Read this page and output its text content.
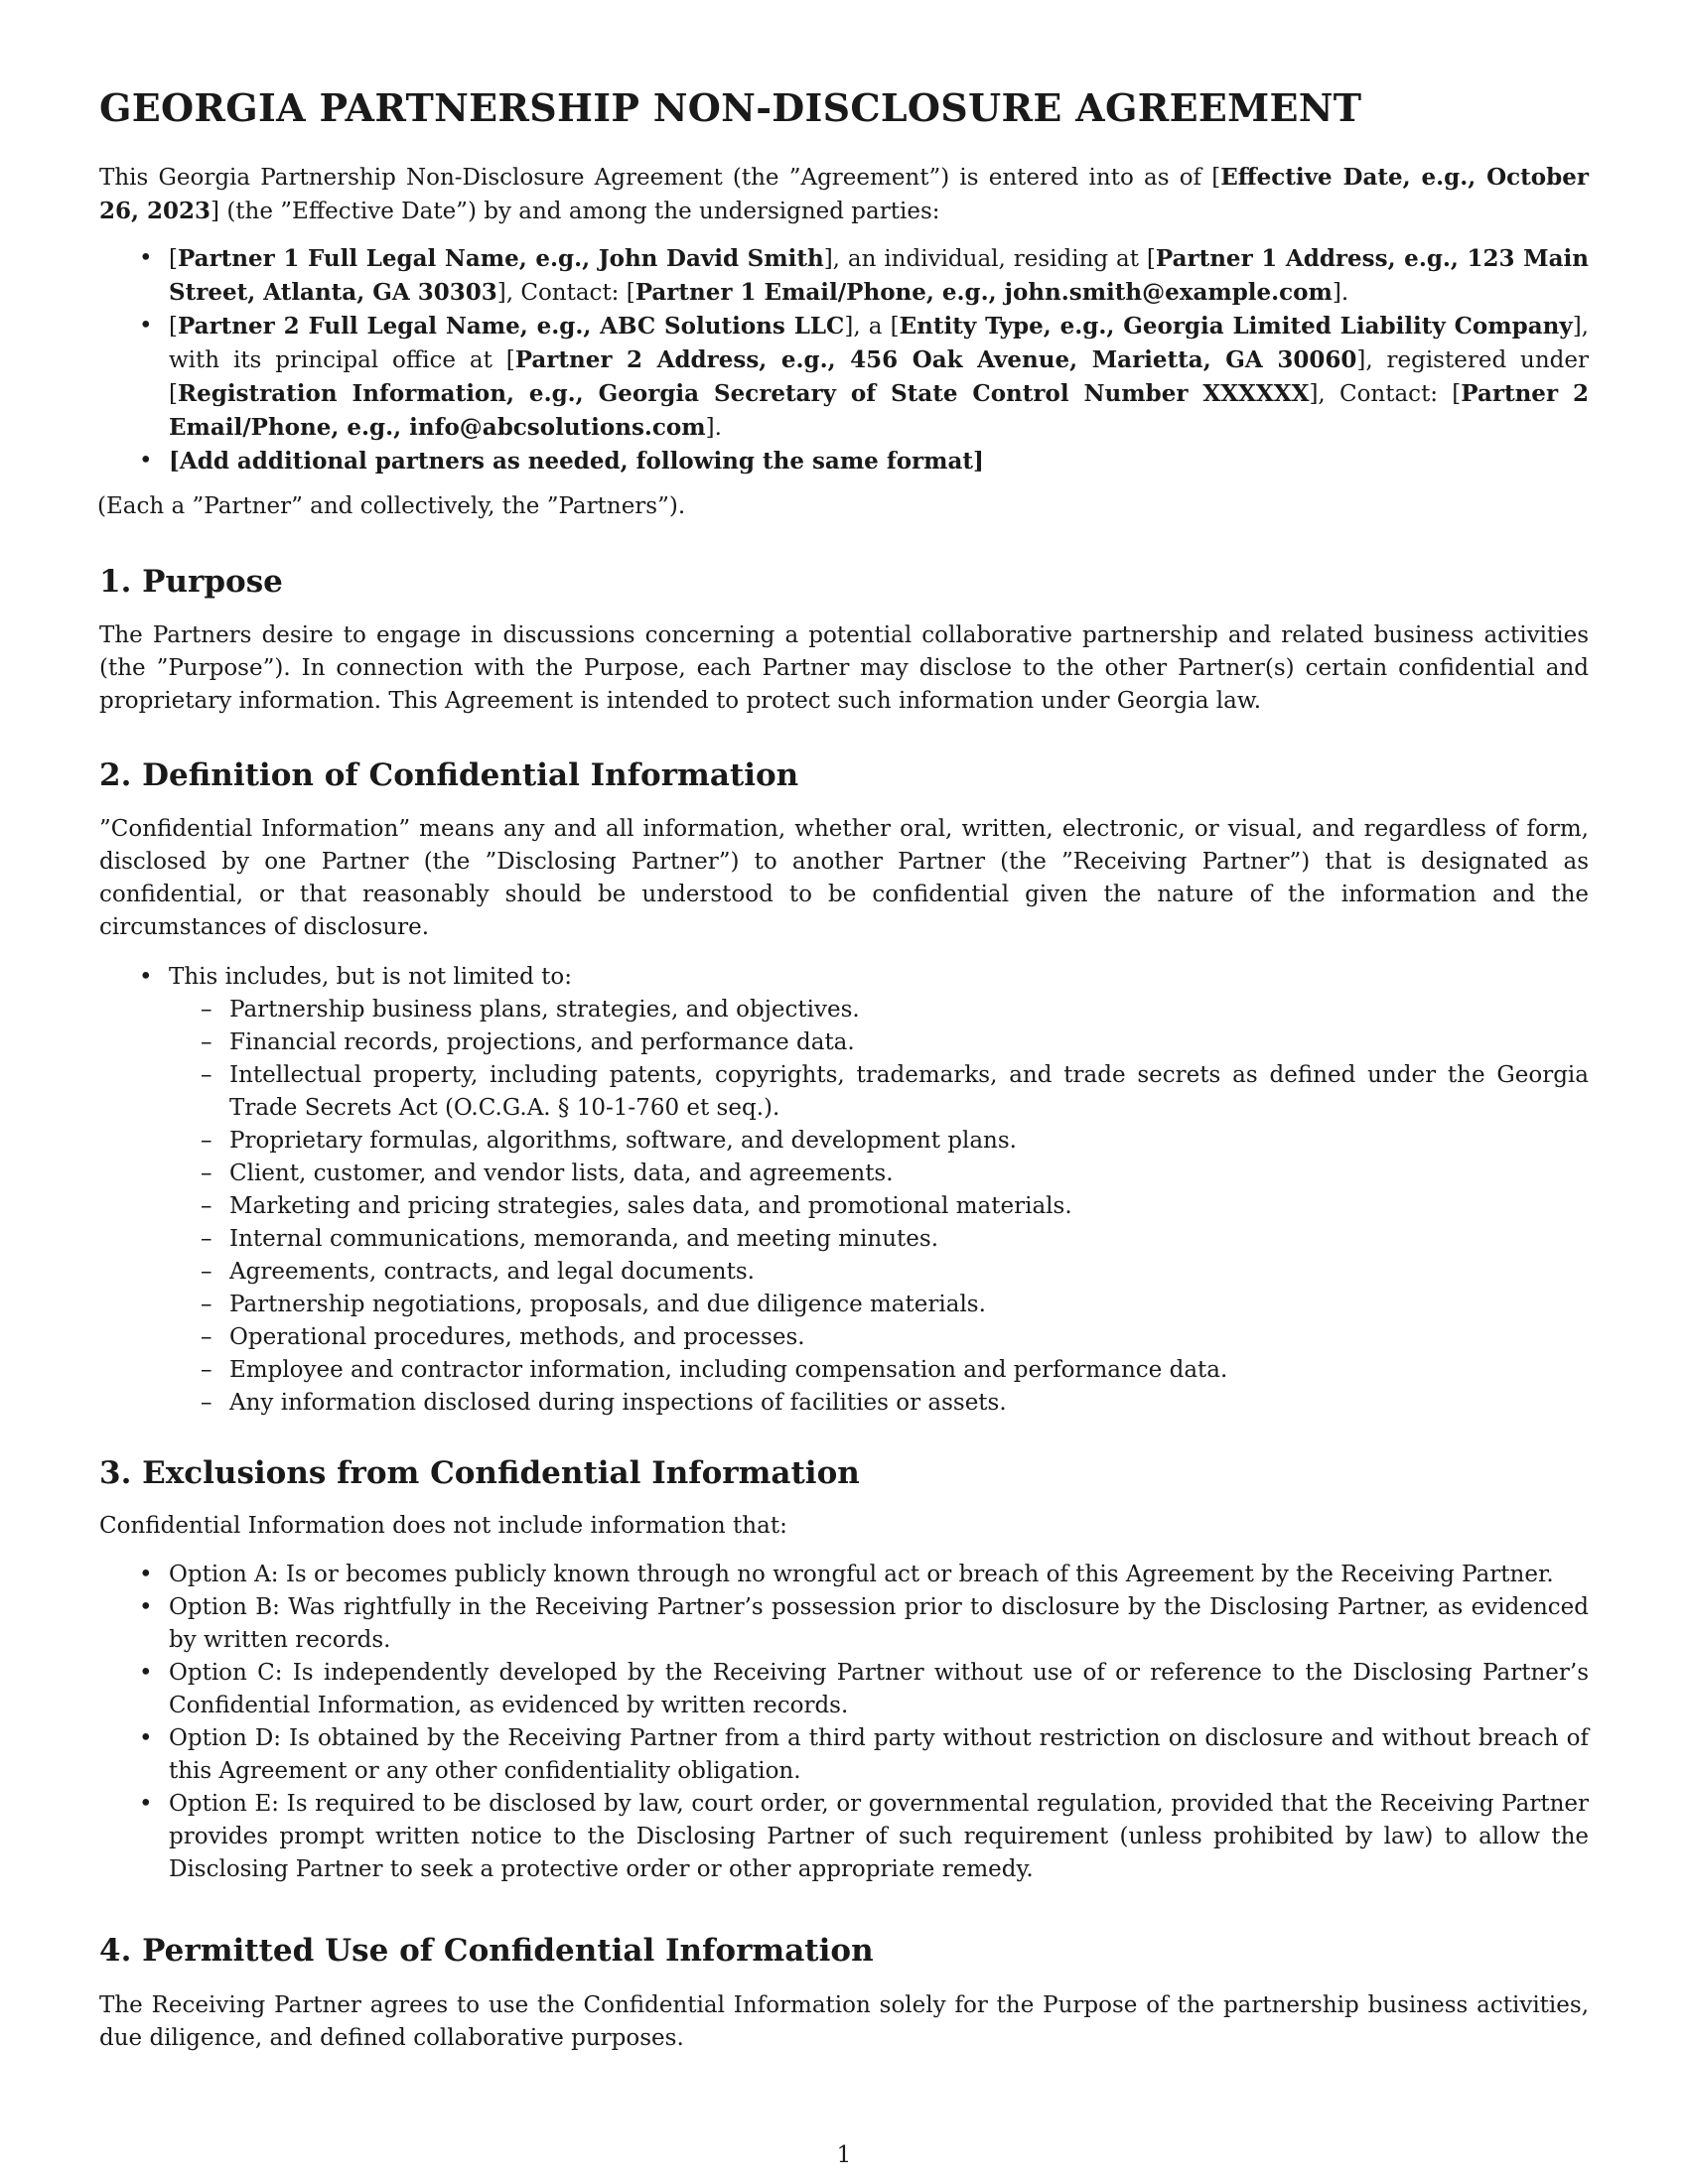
GEORGIA PARTNERSHIP NON-DISCLOSURE AGREEMENT

This Georgia Partnership Non-Disclosure Agreement (the ”Agreement”) is entered into as of [Effective Date, e.g., October 26, 2023] (the ”Effective Date”) by and among the undersigned parties:

• [Partner 1 Full Legal Name, e.g., John David Smith], an individual, residing at [Partner 1 Address, e.g., 123 Main Street, Atlanta, GA 30303], Contact: [Partner 1 Email/Phone, e.g., john.smith@example.com].
• [Partner 2 Full Legal Name, e.g., ABC Solutions LLC], a [Entity Type, e.g., Georgia Limited Liability Company], with its principal office at [Partner 2 Address, e.g., 456 Oak Avenue, Marietta, GA 30060], registered under [Registration Information, e.g., Georgia Secretary of State Control Number XXXXXX], Contact: [Partner 2 Email/Phone, e.g., info@abcsolutions.com].
• [Add additional partners as needed, following the same format]

(Each a ”Partner” and collectively, the ”Partners”).

1. Purpose

The Partners desire to engage in discussions concerning a potential collaborative partnership and related business activities (the ”Purpose”). In connection with the Purpose, each Partner may disclose to the other Partner(s) certain confidential and proprietary information. This Agreement is intended to protect such information under Georgia law.

2. Definition of Confidential Information

”Confidential Information” means any and all information, whether oral, written, electronic, or visual, and regardless of form, disclosed by one Partner (the ”Disclosing Partner”) to another Partner (the ”Receiving Partner”) that is designated as confidential, or that reasonably should be understood to be confidential given the nature of the information and the circumstances of disclosure.

• This includes, but is not limited to:
– Partnership business plans, strategies, and objectives.
– Financial records, projections, and performance data.
– Intellectual property, including patents, copyrights, trademarks, and trade secrets as defined under the Georgia Trade Secrets Act (O.C.G.A. § 10-1-760 et seq.).
– Proprietary formulas, algorithms, software, and development plans.
– Client, customer, and vendor lists, data, and agreements.
– Marketing and pricing strategies, sales data, and promotional materials.
– Internal communications, memoranda, and meeting minutes.
– Agreements, contracts, and legal documents.
– Partnership negotiations, proposals, and due diligence materials.
– Operational procedures, methods, and processes.
– Employee and contractor information, including compensation and performance data.
– Any information disclosed during inspections of facilities or assets.
3. Exclusions from Confidential Information

Confidential Information does not include information that:

• Option A: Is or becomes publicly known through no wrongful act or breach of this Agreement by the Receiving Partner.
• Option B: Was rightfully in the Receiving Partner’s possession prior to disclosure by the Disclosing Partner, as evidenced by written records.
• Option C: Is independently developed by the Receiving Partner without use of or reference to the Disclosing Partner’s Confidential Information, as evidenced by written records.
• Option D: Is obtained by the Receiving Partner from a third party without restriction on disclosure and without breach of this Agreement or any other confidentiality obligation.
• Option E: Is required to be disclosed by law, court order, or governmental regulation, provided that the Receiving Partner provides prompt written notice to the Disclosing Partner of such requirement (unless prohibited by law) to allow the Disclosing Partner to seek a protective order or other appropriate remedy.
4. Permitted Use of Confidential Information

The Receiving Partner agrees to use the Confidential Information solely for the Purpose of the partnership business activities, due diligence, and defined collaborative purposes.

1
